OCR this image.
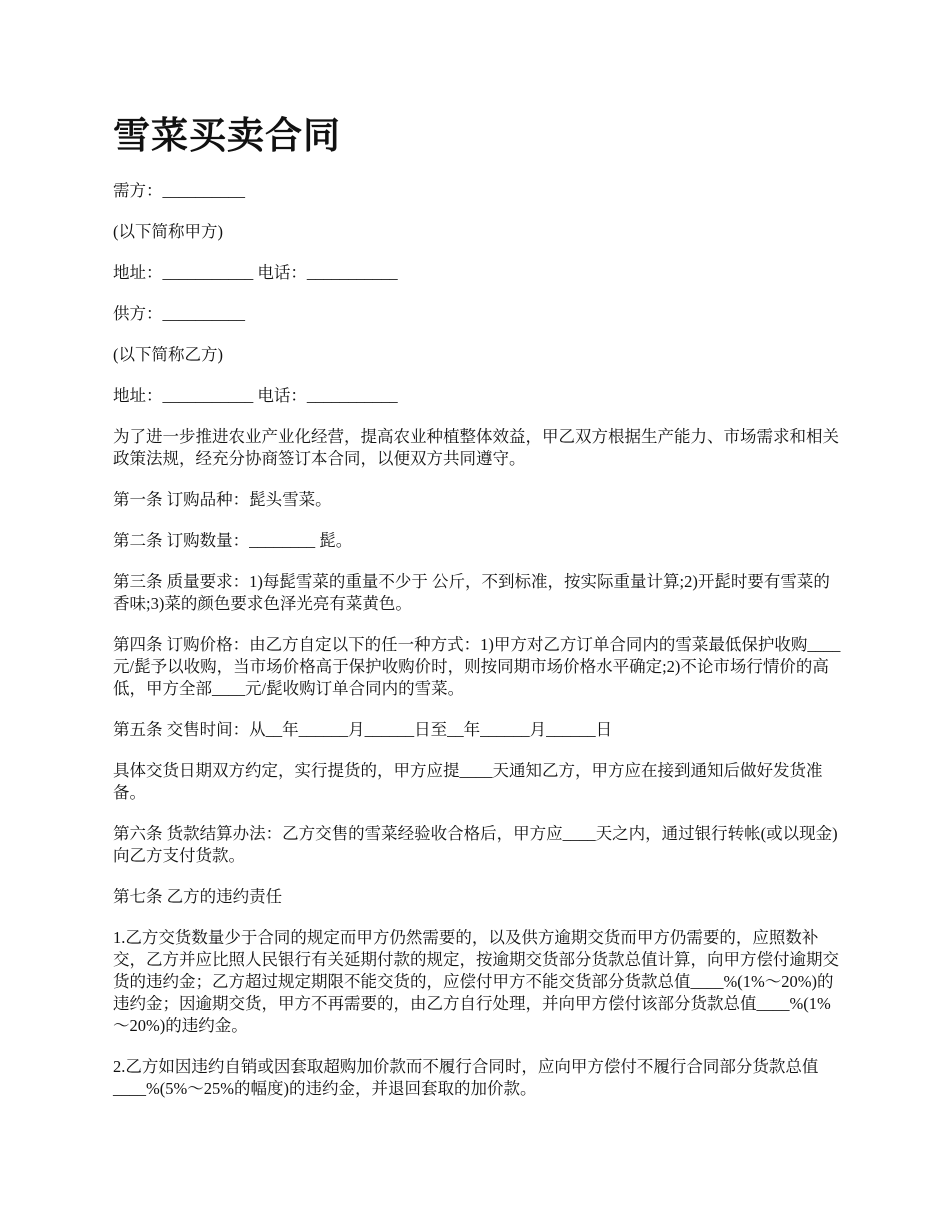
雪菜买卖合同

需方：__________

(以下简称甲方)

地址：___________ 电话：___________

供方：__________

(以下简称乙方)

地址：___________ 电话：___________

为了进一步推进农业产业化经营，提高农业种植整体效益，甲乙双方根据生产能力、市场需求和相关政策法规，经充分协商签订本合同，以便双方共同遵守。

第一条 订购品种：髭头雪菜。

第二条 订购数量：________ 髭。

第三条 质量要求：1)每髭雪菜的重量不少于 公斤，不到标准，按实际重量计算;2)开髭时要有雪菜的香味;3)菜的颜色要求色泽光亮有菜黄色。

第四条 订购价格：由乙方自定以下的任一种方式：1)甲方对乙方订单合同内的雪菜最低保护收购____元/髭予以收购，当市场价格高于保护收购价时，则按同期市场价格水平确定;2)不论市场行情价的高低，甲方全部____元/髭收购订单合同内的雪菜。

第五条 交售时间：从__年______月______日至__年______月______日

具体交货日期双方约定，实行提货的，甲方应提____天通知乙方，甲方应在接到通知后做好发货准备。

第六条 货款结算办法：乙方交售的雪菜经验收合格后，甲方应____天之内，通过银行转帐(或以现金)向乙方支付货款。

第七条 乙方的违约责任

1.乙方交货数量少于合同的规定而甲方仍然需要的，以及供方逾期交货而甲方仍需要的，应照数补交，乙方并应比照人民银行有关延期付款的规定，按逾期交货部分货款总值计算，向甲方偿付逾期交货的违约金；乙方超过规定期限不能交货的，应偿付甲方不能交货部分货款总值____%(1%～20%)的违约金；因逾期交货，甲方不再需要的，由乙方自行处理，并向甲方偿付该部分货款总值____%(1%～20%)的违约金。

2.乙方如因违约自销或因套取超购加价款而不履行合同时，应向甲方偿付不履行合同部分货款总值____%(5%～25%的幅度)的违约金，并退回套取的加价款。
